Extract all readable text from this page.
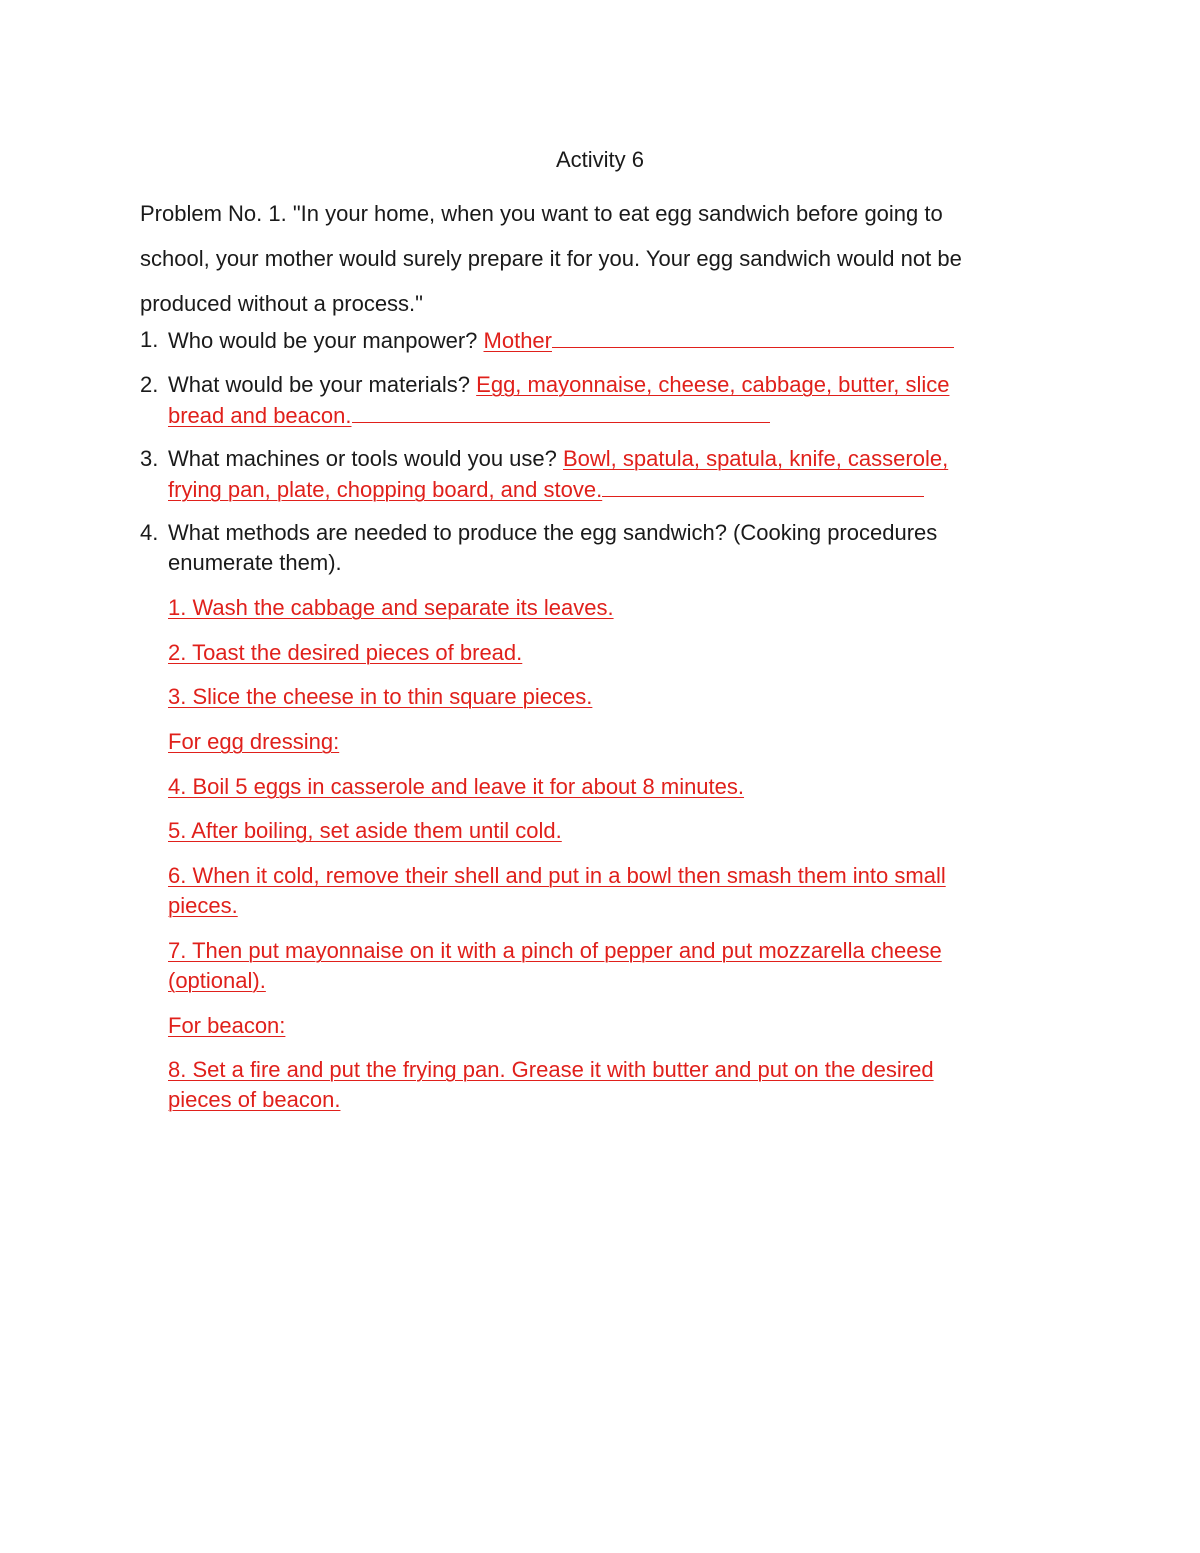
Activity 6
Problem No. 1. "In your home, when you want to eat egg sandwich before going to
school, your mother would surely prepare it for you. Your egg sandwich would not be
produced without a process."
1. Who would be your manpower? Mother
2. What would be your materials? Egg, mayonnaise, cheese, cabbage, butter, slice
bread and beacon.
3. What machines or tools would you use? Bowl, spatula, spatula, knife, casserole,
frying pan, plate, chopping board, and stove.
4. What methods are needed to produce the egg sandwich? (Cooking procedures
enumerate them).
1. Wash the cabbage and separate its leaves.
2. Toast the desired pieces of bread.
3. Slice the cheese in to thin square pieces.
For egg dressing:
4. Boil 5 eggs in casserole and leave it for about 8 minutes.
5. After boiling, set aside them until cold.
6. When it cold, remove their shell and put in a bowl then smash them into small
pieces.
7. Then put mayonnaise on it with a pinch of pepper and put mozzarella cheese
(optional).
For beacon:
8. Set a fire and put the frying pan. Grease it with butter and put on the desired
pieces of beacon.
